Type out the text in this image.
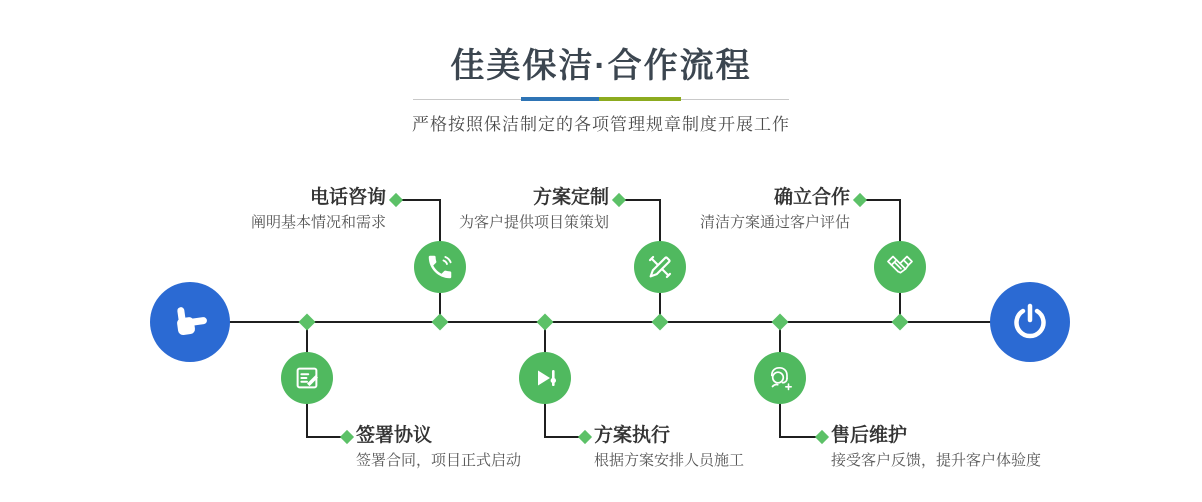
佳美保洁·合作流程
严格按照保洁制定的各项管理规章制度开展工作

电话咨询

阐明基本情况和需求

方案定制

为客户提供项目策策划

确立合作

清洁方案通过客户评估

签署协议

签署合同，项目正式启动

方案执行

根据方案安排人员施工

售后维护

接受客户反馈，提升客户体验度
